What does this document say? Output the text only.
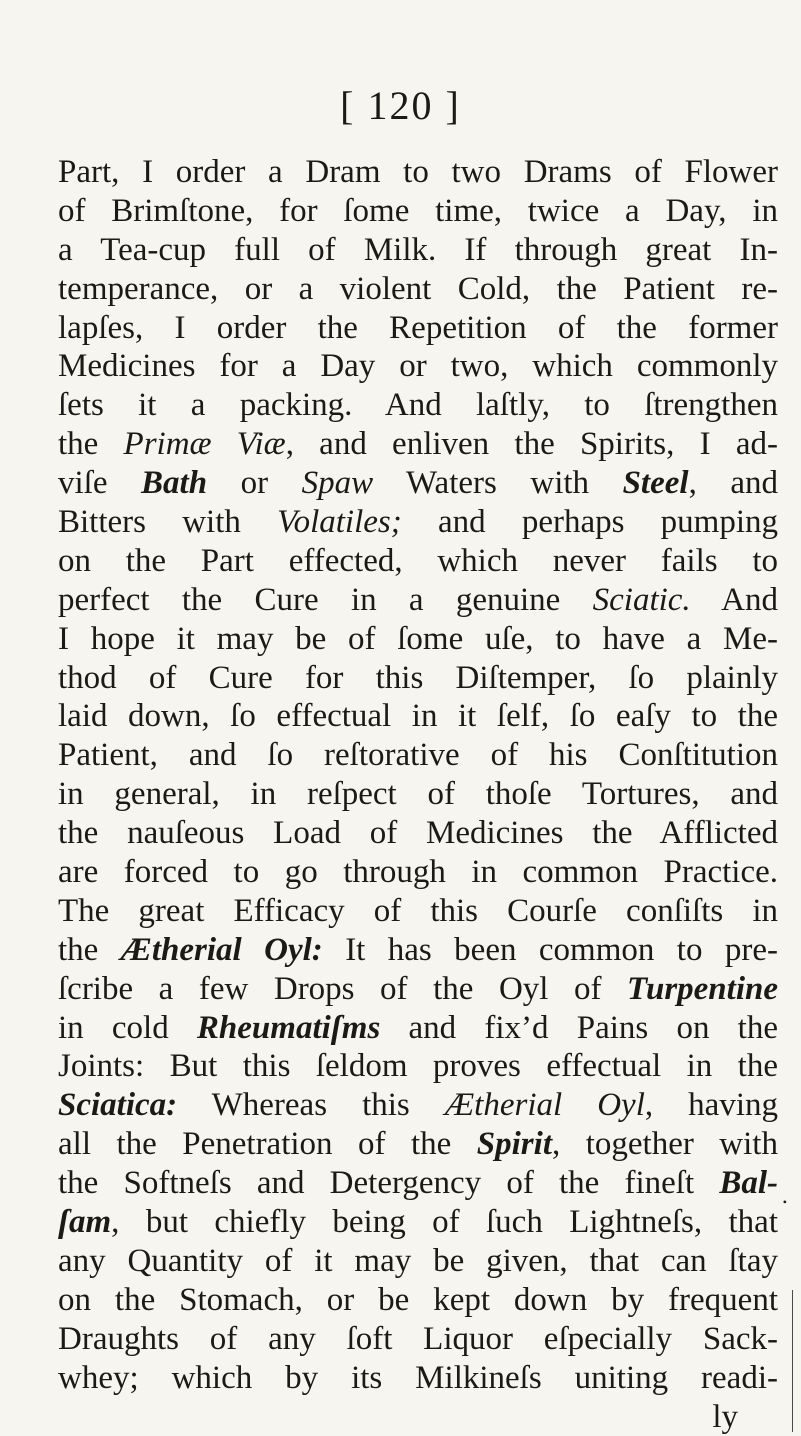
[ 120 ]
Part, I order a Dram to two Drams of Flower
of Brimſtone, for ſome time, twice a Day, in
a Tea-cup full of Milk. If through great In-
temperance, or a violent Cold, the Patient re-
lapſes, I order the Repetition of the former
Medicines for a Day or two, which commonly
ſets it a packing. And laſtly, to ſtrengthen
the Primæ Viæ, and enliven the Spirits, I ad-
viſe Bath or Spaw Waters with Steel, and
Bitters with Volatiles; and perhaps pumping
on the Part effected, which never fails to
perfect the Cure in a genuine Sciatic. And
I hope it may be of ſome uſe, to have a Me-
thod of Cure for this Diſtemper, ſo plainly
laid down, ſo effectual in it ſelf, ſo eaſy to the
Patient, and ſo reſtorative of his Conſtitution
in general, in reſpect of thoſe Tortures, and
the nauſeous Load of Medicines the Afflicted
are forced to go through in common Practice.
The great Efficacy of this Courſe conſiſts in
the Ætherial Oyl: It has been common to pre-
ſcribe a few Drops of the Oyl of Turpentine
in cold Rheumatiſms and fix’d Pains on the
Joints: But this ſeldom proves effectual in the
Sciatica: Whereas this Ætherial Oyl, having
all the Penetration of the Spirit, together with
the Softneſs and Detergency of the fineſt Bal-
ſam, but chiefly being of ſuch Lightneſs, that
any Quantity of it may be given, that can ſtay
on the Stomach, or be kept down by frequent
Draughts of any ſoft Liquor eſpecially Sack-
whey; which by its Milkineſs uniting readi-
ly
•
